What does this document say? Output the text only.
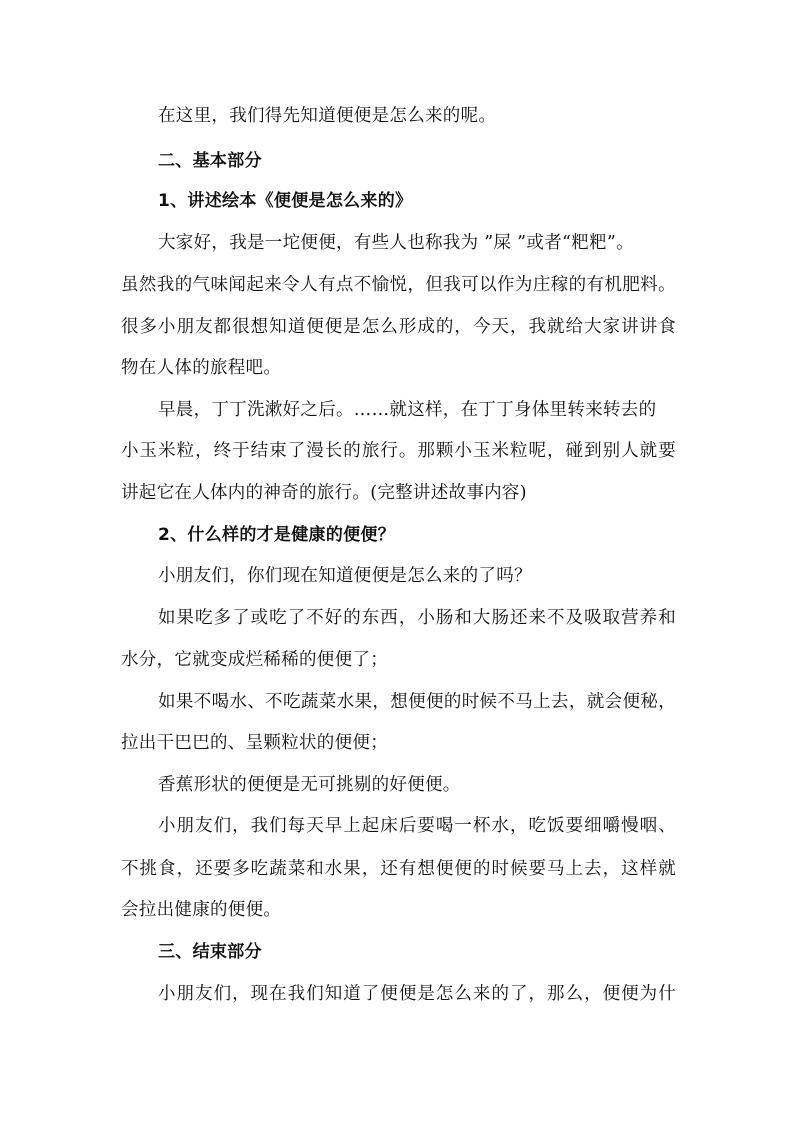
在这里，我们得先知道便便是怎么来的呢。
二、基本部分
1、讲述绘本《便便是怎么来的》
大家好，我是一坨便便，有些人也称我为 ”屎 ”或者“粑粑”。
虽然我的气味闻起来令人有点不愉悦，但我可以作为庄稼的有机肥料。
很多小朋友都很想知道便便是怎么形成的，今天，我就给大家讲讲食
物在人体的旅程吧。
早晨，丁丁洗漱好之后。……就这样，在丁丁身体里转来转去的
小玉米粒，终于结束了漫长的旅行。那颗小玉米粒呢，碰到别人就要
讲起它在人体内的神奇的旅行。(完整讲述故事内容)
2、什么样的才是健康的便便？
小朋友们，你们现在知道便便是怎么来的了吗？
如果吃多了或吃了不好的东西，小肠和大肠还来不及吸取营养和
水分，它就变成烂稀稀的便便了；
如果不喝水、不吃蔬菜水果，想便便的时候不马上去，就会便秘，
拉出干巴巴的、呈颗粒状的便便；
香蕉形状的便便是无可挑剔的好便便。
小朋友们，我们每天早上起床后要喝一杯水，吃饭要细嚼慢咽、
不挑食，还要多吃蔬菜和水果，还有想便便的时候要马上去，这样就
会拉出健康的便便。
三、结束部分
小朋友们，现在我们知道了便便是怎么来的了，那么，便便为什
